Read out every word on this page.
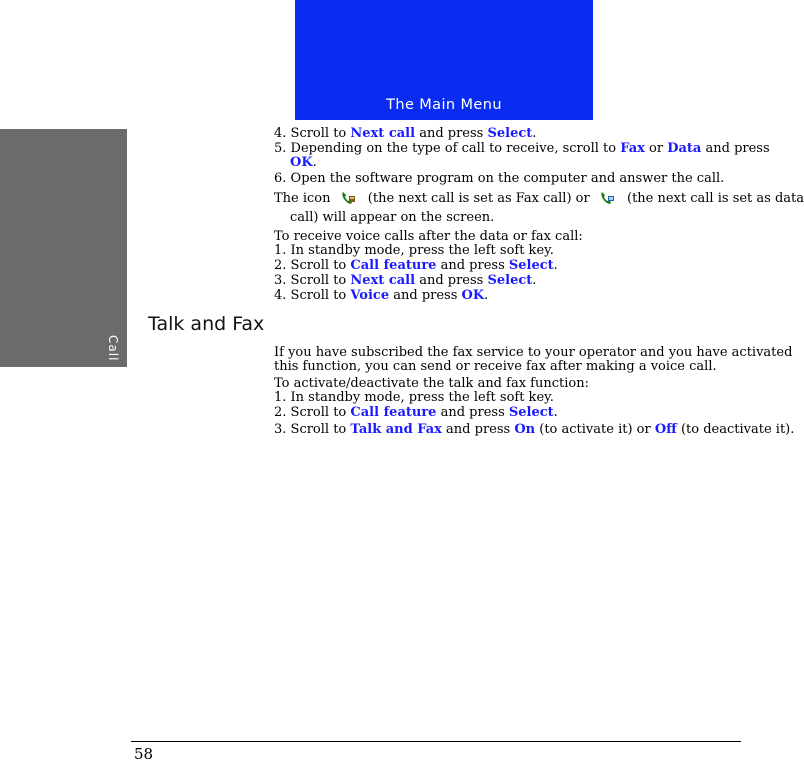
The Main Menu
Call Feature
4. Scroll to Next call and press Select.
5. Depending on the type of call to receive, scroll to Fax or Data and press
OK.
6. Open the software program on the computer and answer the call.
The icon	(the next call is set as Fax call) or	(the next call is set as data
call) will appear on the screen.
To receive voice calls after the data or fax call:
1. In standby mode, press the left soft key.
2. Scroll to Call feature and press Select.
3. Scroll to Next call and press Select.
4. Scroll to Voice and press OK.
Talk and Fax
If you have subscribed the fax service to your operator and you have activated
this function, you can send or receive fax after making a voice call.
To activate/deactivate the talk and fax function:
1. In standby mode, press the left soft key.
2. Scroll to Call feature and press Select.
3. Scroll to Talk and Fax and press On (to activate it) or Off (to deactivate it).
58
